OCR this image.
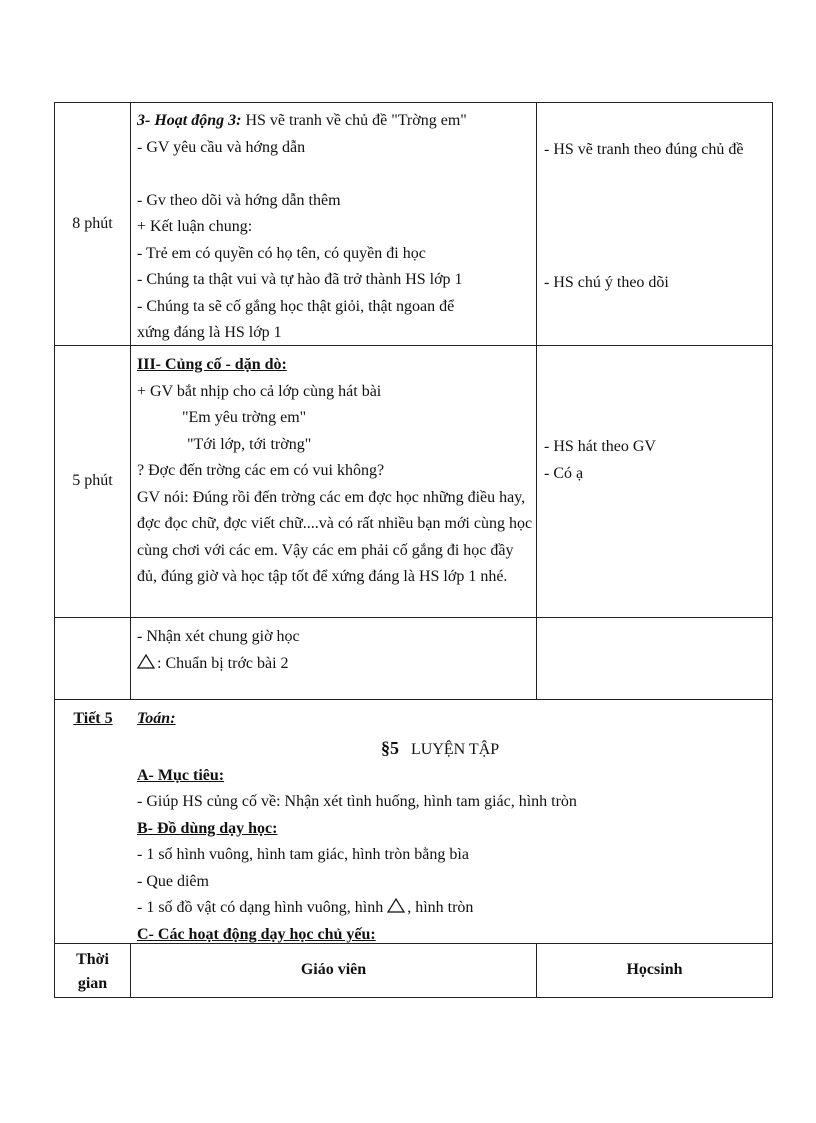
8 phút
3- Hoạt động 3: HS vẽ tranh về chủ đề "Trờng em"
- GV yêu cầu và hớng dẫn

- Gv theo dõi và hớng dẫn thêm
+ Kết luận chung:
- Trẻ em có quyền có họ tên, có quyền đi học
- Chúng ta thật vui và tự hào đã trở thành HS lớp 1
- Chúng ta sẽ cố gắng học thật giỏi, thật ngoan để
xứng đáng là HS lớp 1
- HS vẽ tranh theo đúng chủ đề
- HS chú ý theo dõi
5 phút
III- Củng cố - dặn dò:
+ GV bắt nhịp cho cả lớp cùng hát bài
"Em yêu trờng em"
"Tới lớp, tới trờng"
? Đợc đến trờng các em có vui không?
GV nói: Đúng rồi đến trờng các em đợc học những điều hay, đợc đọc chữ, đợc viết chữ....và có rất nhiều bạn mới cùng học cùng chơi với các em. Vậy các em phải cố gắng đi học đầy đủ, đúng giờ và học tập tốt để xứng đáng là HS lớp 1 nhé.
- HS hát theo GV
- Có ạ
- Nhận xét chung giờ học
: Chuẩn bị trớc bài 2
Tiết 5	Toán:
§5 LUYỆN TẬP
A- Mục tiêu:
- Giúp HS củng cố về: Nhận xét tình huống, hình tam giác, hình tròn
B- Đồ dùng dạy học:
- 1 số hình vuông, hình tam giác, hình tròn bằng bìa
- Que diêm
- 1 số đồ vật có dạng hình vuông, hình , hình tròn
C- Các hoạt động dạy học chủ yếu:
Thời gian
Giáo viên	Họcsinh
